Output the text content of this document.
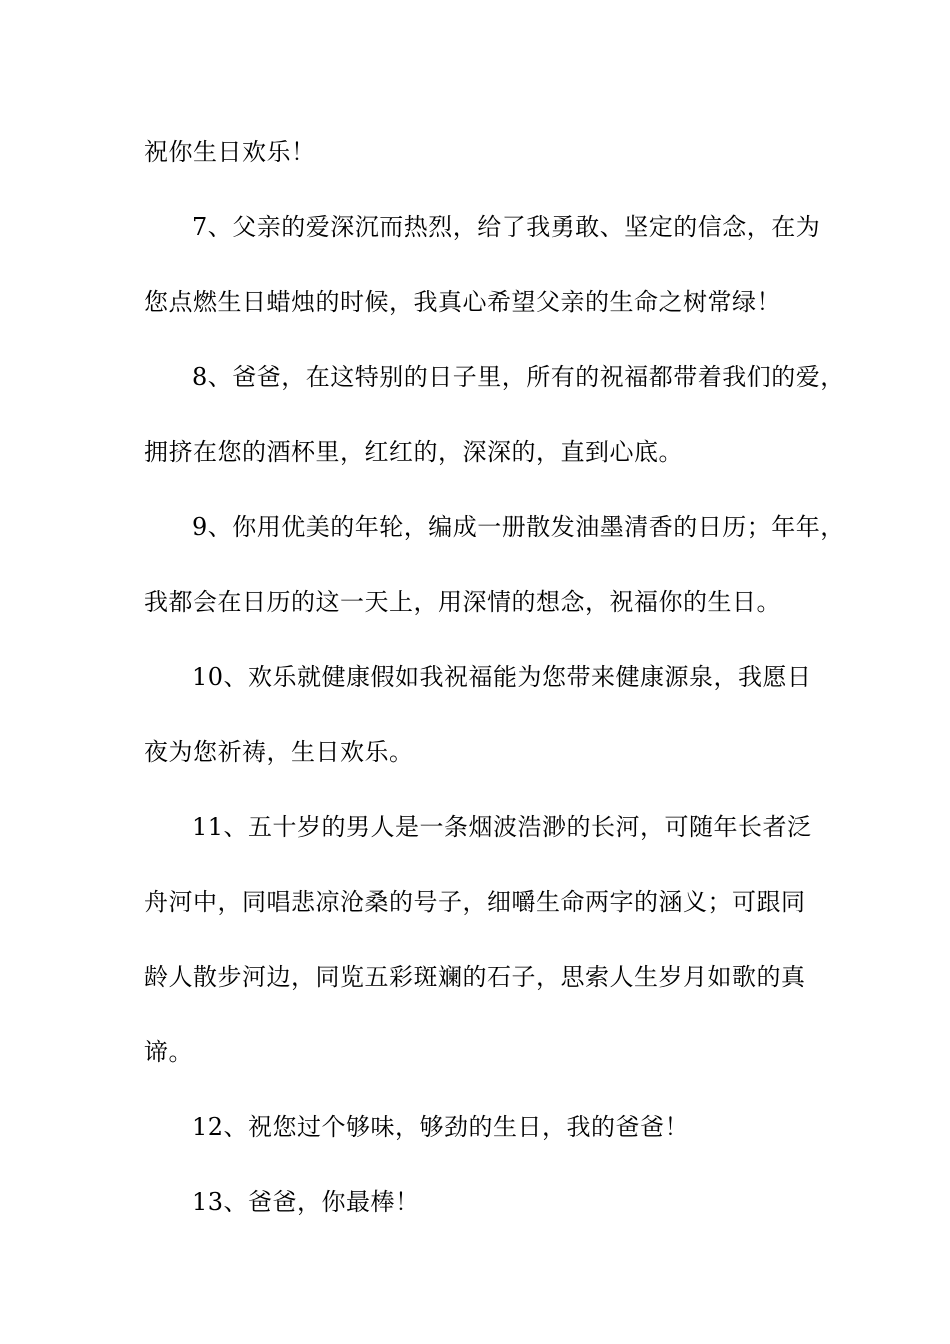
祝你生日欢乐！
7、父亲的爱深沉而热烈，给了我勇敢、坚定的信念，在为
您点燃生日蜡烛的时候，我真心希望父亲的生命之树常绿！
8、爸爸，在这特别的日子里，所有的祝福都带着我们的爱，
拥挤在您的酒杯里，红红的，深深的，直到心底。
9、你用优美的年轮，编成一册散发油墨清香的日历；年年，
我都会在日历的这一天上，用深情的想念，祝福你的生日。
10、欢乐就健康假如我祝福能为您带来健康源泉，我愿日
夜为您祈祷，生日欢乐。
11、五十岁的男人是一条烟波浩渺的长河，可随年长者泛
舟河中，同唱悲凉沧桑的号子，细嚼生命两字的涵义；可跟同
龄人散步河边，同览五彩斑斓的石子，思索人生岁月如歌的真
谛。
12、祝您过个够味，够劲的生日，我的爸爸！
13、爸爸，你最棒！
